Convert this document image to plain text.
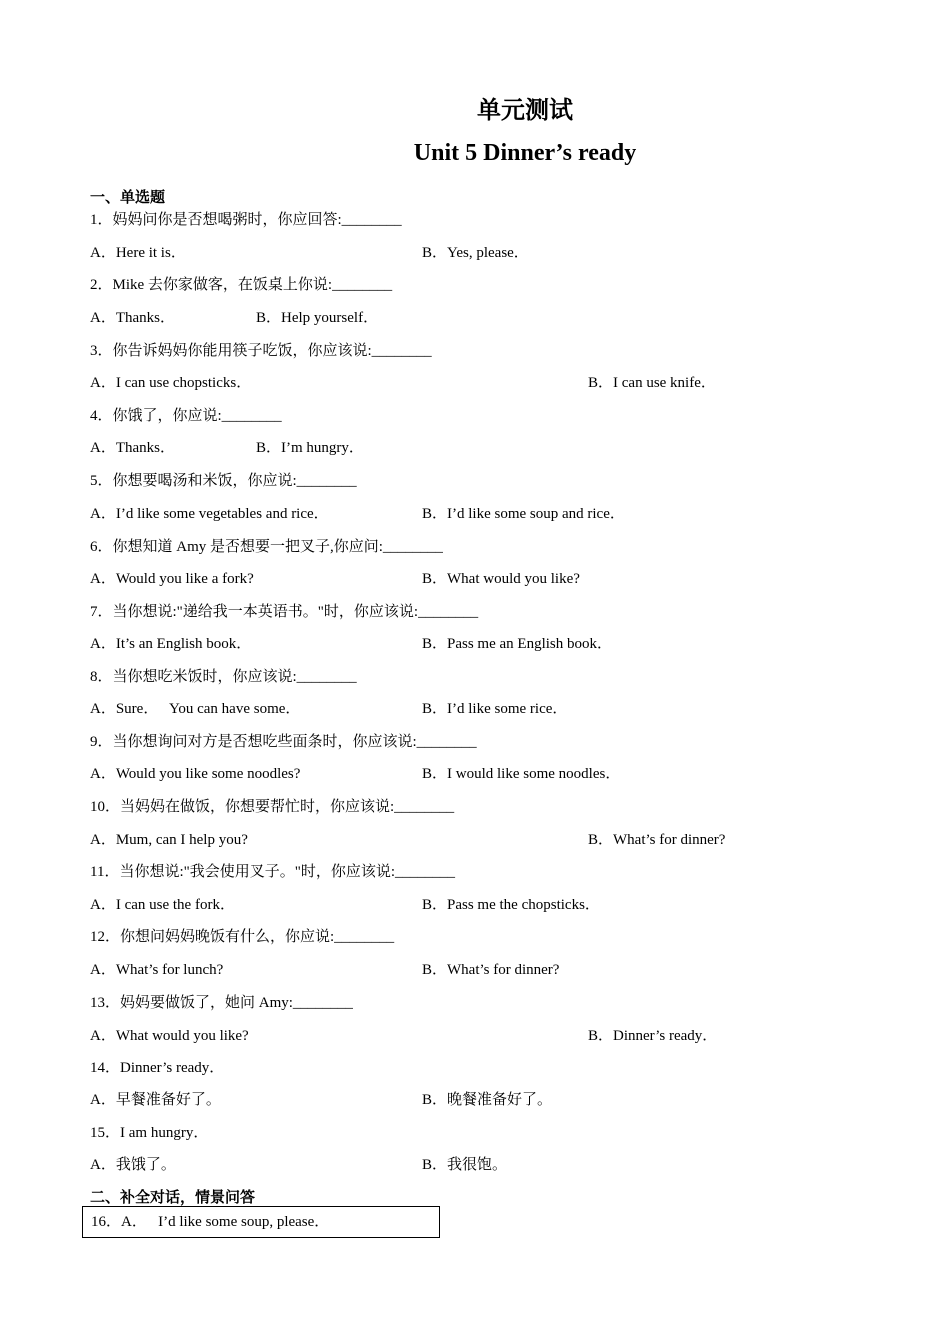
单元测试
Unit 5 Dinner’s ready
一、单选题
1．妈妈问你是否想喝粥时，你应回答:________
A．Here it is．	B．Yes, please．
2．Mike 去你家做客，在饭桌上你说:________
A．Thanks．	B．Help yourself．
3．你告诉妈妈你能用筷子吃饭，你应该说:________
A．I can use chopsticks．	B．I can use knife．
4．你饿了，你应说:________
A．Thanks．	B．I’m hungry．
5．你想要喝汤和米饭，你应说:________
A．I’d like some vegetables and rice．	B．I’d like some soup and rice．
6．你想知道 Amy 是否想要一把叉子,你应问:________
A．Would you like a fork?	B．What would you like?
7．当你想说:"递给我一本英语书。"时，你应该说:________
A．It’s an English book．	B．Pass me an English book．
8．当你想吃米饭时，你应该说:________
A．Sure．   You can have some．	B．I’d like some rice．
9．当你想询问对方是否想吃些面条时，你应该说:________
A．Would you like some noodles?	B．I would like some noodles．
10．当妈妈在做饭，你想要帮忙时，你应该说:________
A．Mum, can I help you?	B．What’s for dinner?
11．当你想说:"我会使用叉子。"时，你应该说:________
A．I can use the fork．	B．Pass me the chopsticks．
12．你想问妈妈晚饭有什么，你应说:________
A．What’s for lunch?	B．What’s for dinner?
13．妈妈要做饭了，她问 Amy:________
A．What would you like?	B．Dinner’s ready．
14．Dinner’s ready．
A．早餐准备好了。	B．晚餐准备好了。
15．I am hungry．
A．我饿了。	B．我很饱。
二、补全对话，情景问答
16．A．   I’d like some soup, please．
